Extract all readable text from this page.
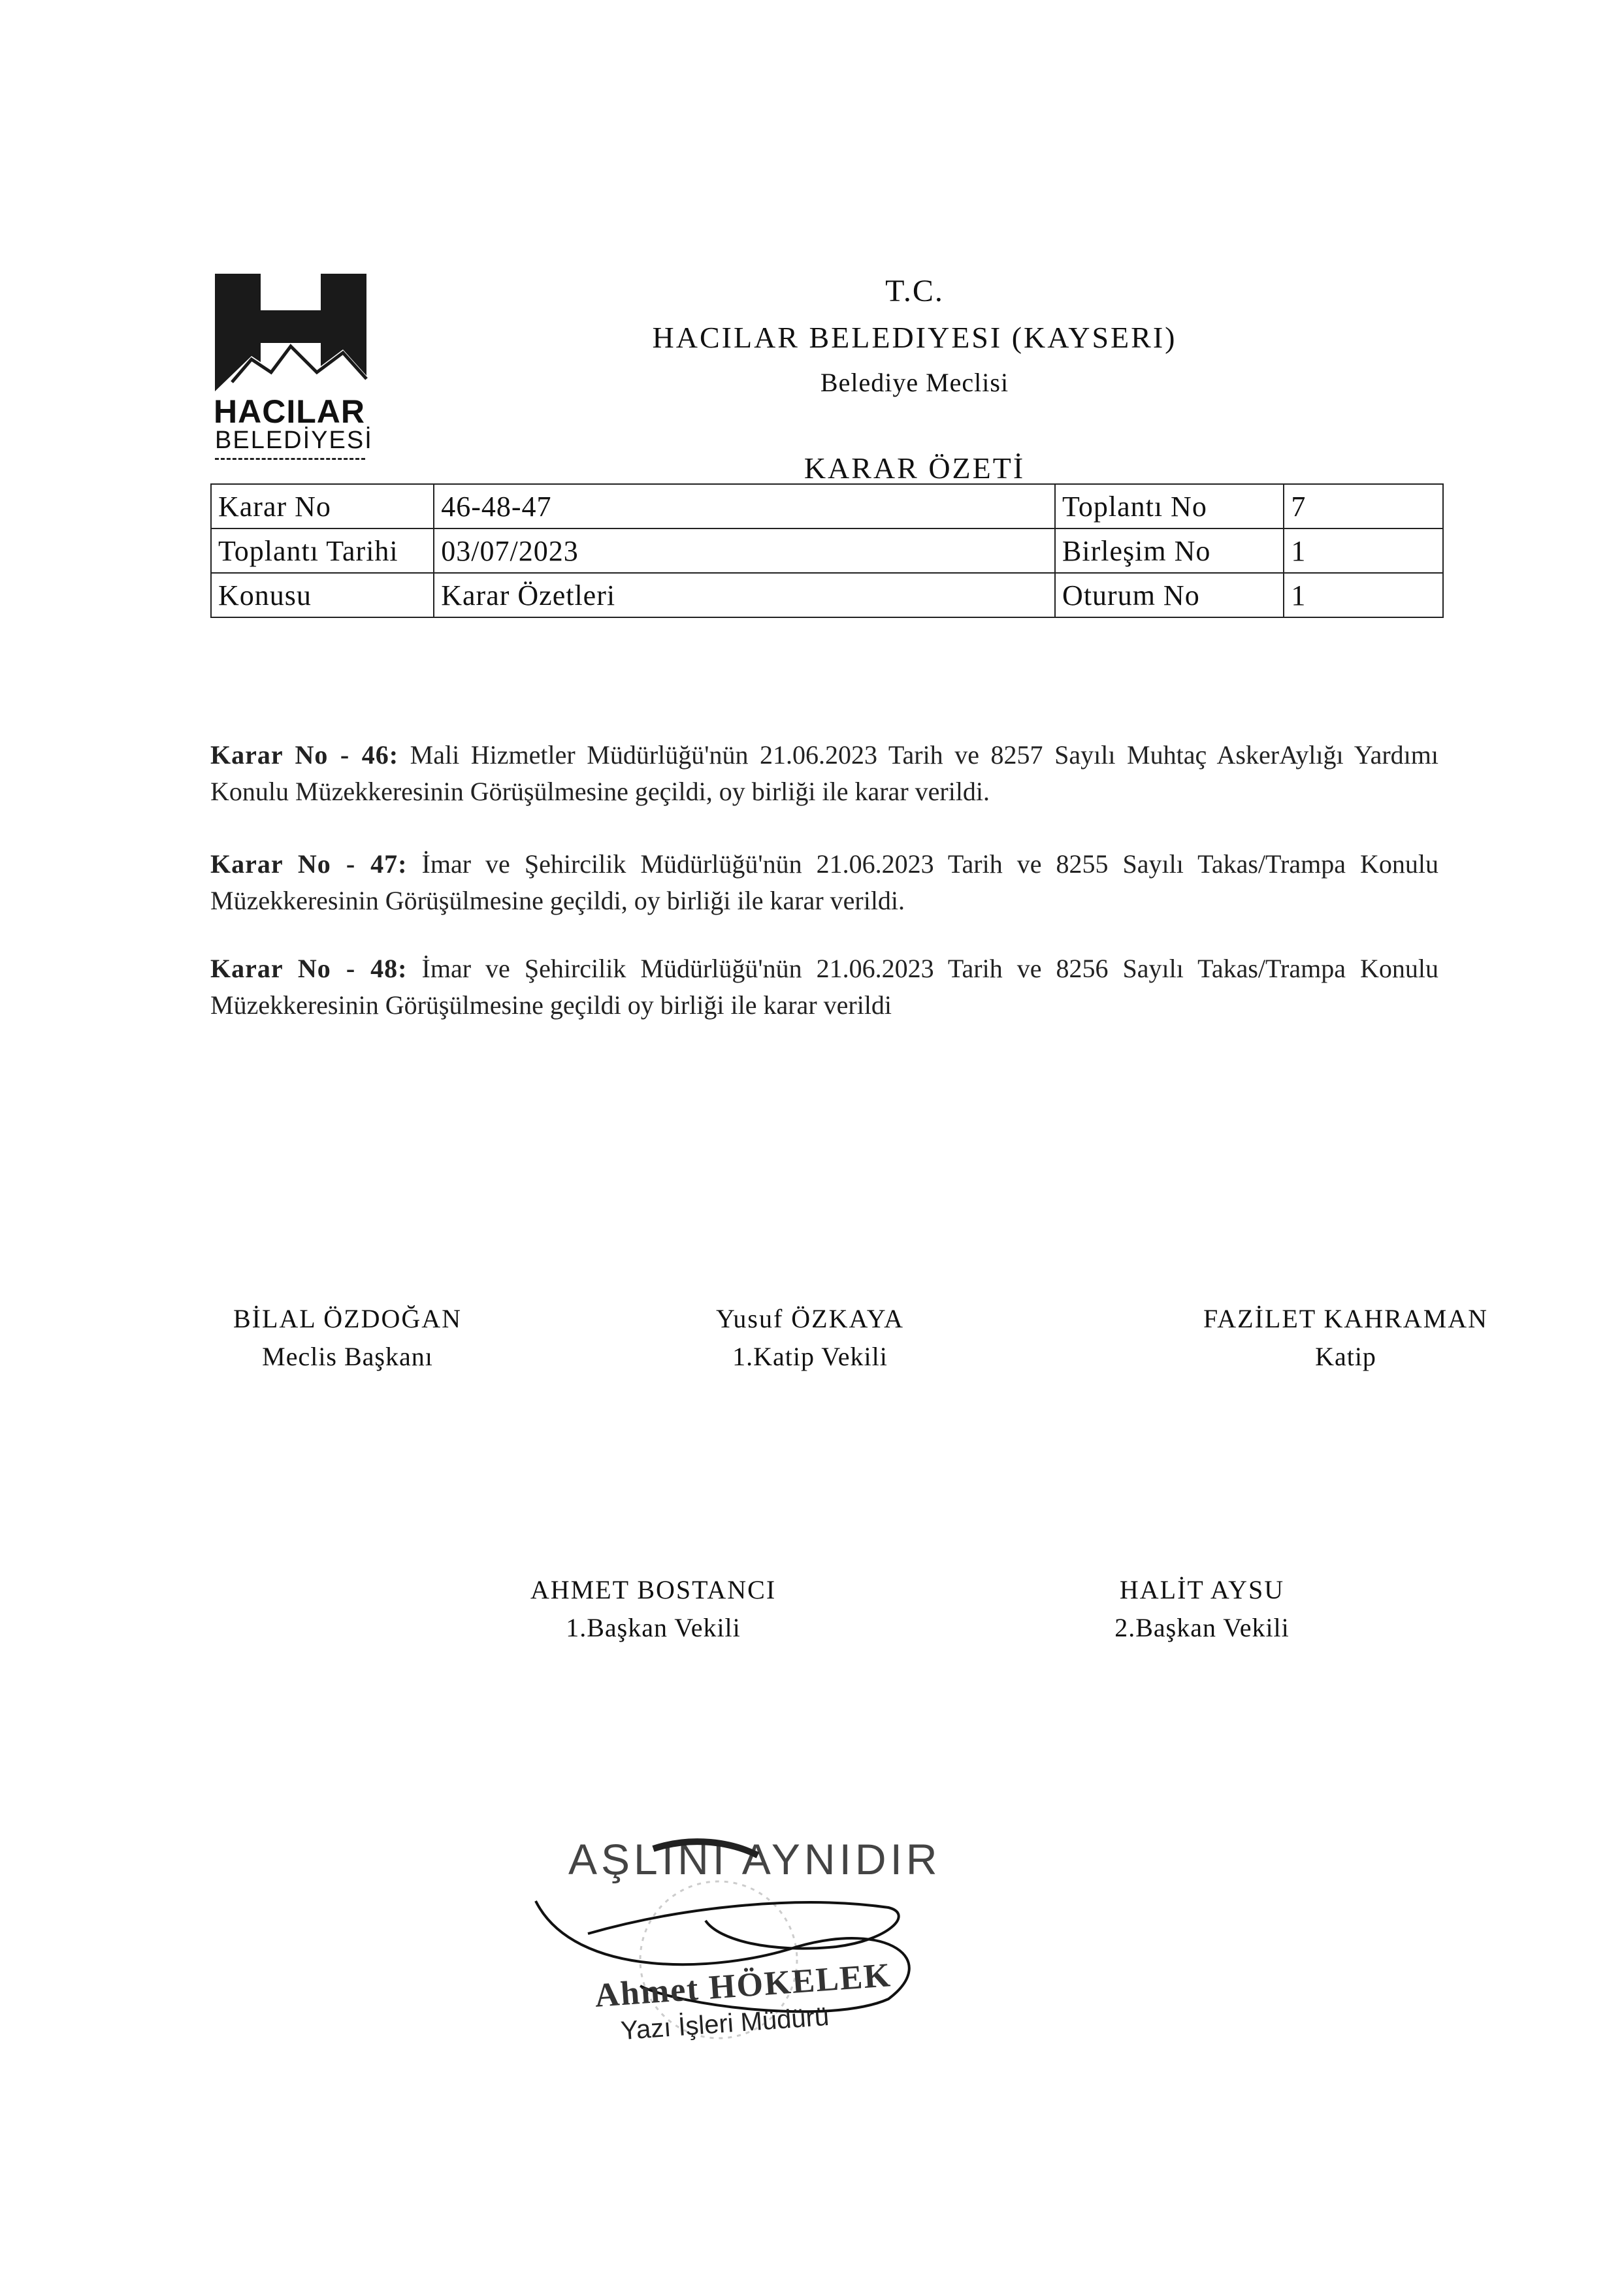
HACILAR
BELEDİYESİ
T.C.
HACILAR BELEDIYESI (KAYSERI)
Belediye Meclisi
KARAR ÖZETİ
Karar No	46-48-47	Toplantı No	7
Toplantı Tarihi	03/07/2023	Birleşim No	1
Konusu	Karar Özetleri	Oturum No	1
Karar No - 46: Mali Hizmetler Müdürlüğü'nün 21.06.2023 Tarih ve 8257 Sayılı Muhtaç AskerAylığı Yardımı Konulu Müzekkeresinin Görüşülmesine geçildi, oy birliği ile karar verildi.
Karar No - 47: İmar ve Şehircilik Müdürlüğü'nün 21.06.2023 Tarih ve 8255 Sayılı Takas/Trampa Konulu Müzekkeresinin Görüşülmesine geçildi, oy birliği ile karar verildi.
Karar No - 48: İmar ve Şehircilik Müdürlüğü'nün 21.06.2023 Tarih ve 8256 Sayılı Takas/Trampa Konulu Müzekkeresinin Görüşülmesine geçildi oy birliği ile karar verildi
BİLAL ÖZDOĞAN
Meclis Başkanı
Yusuf ÖZKAYA
1.Katip Vekili
FAZİLET KAHRAMAN
Katip
AHMET BOSTANCI
1.Başkan Vekili
HALİT AYSU
2.Başkan Vekili
AŞLINI AYNIDIR
Ahmet HÖKELEK
Yazı İşleri Müdürü
